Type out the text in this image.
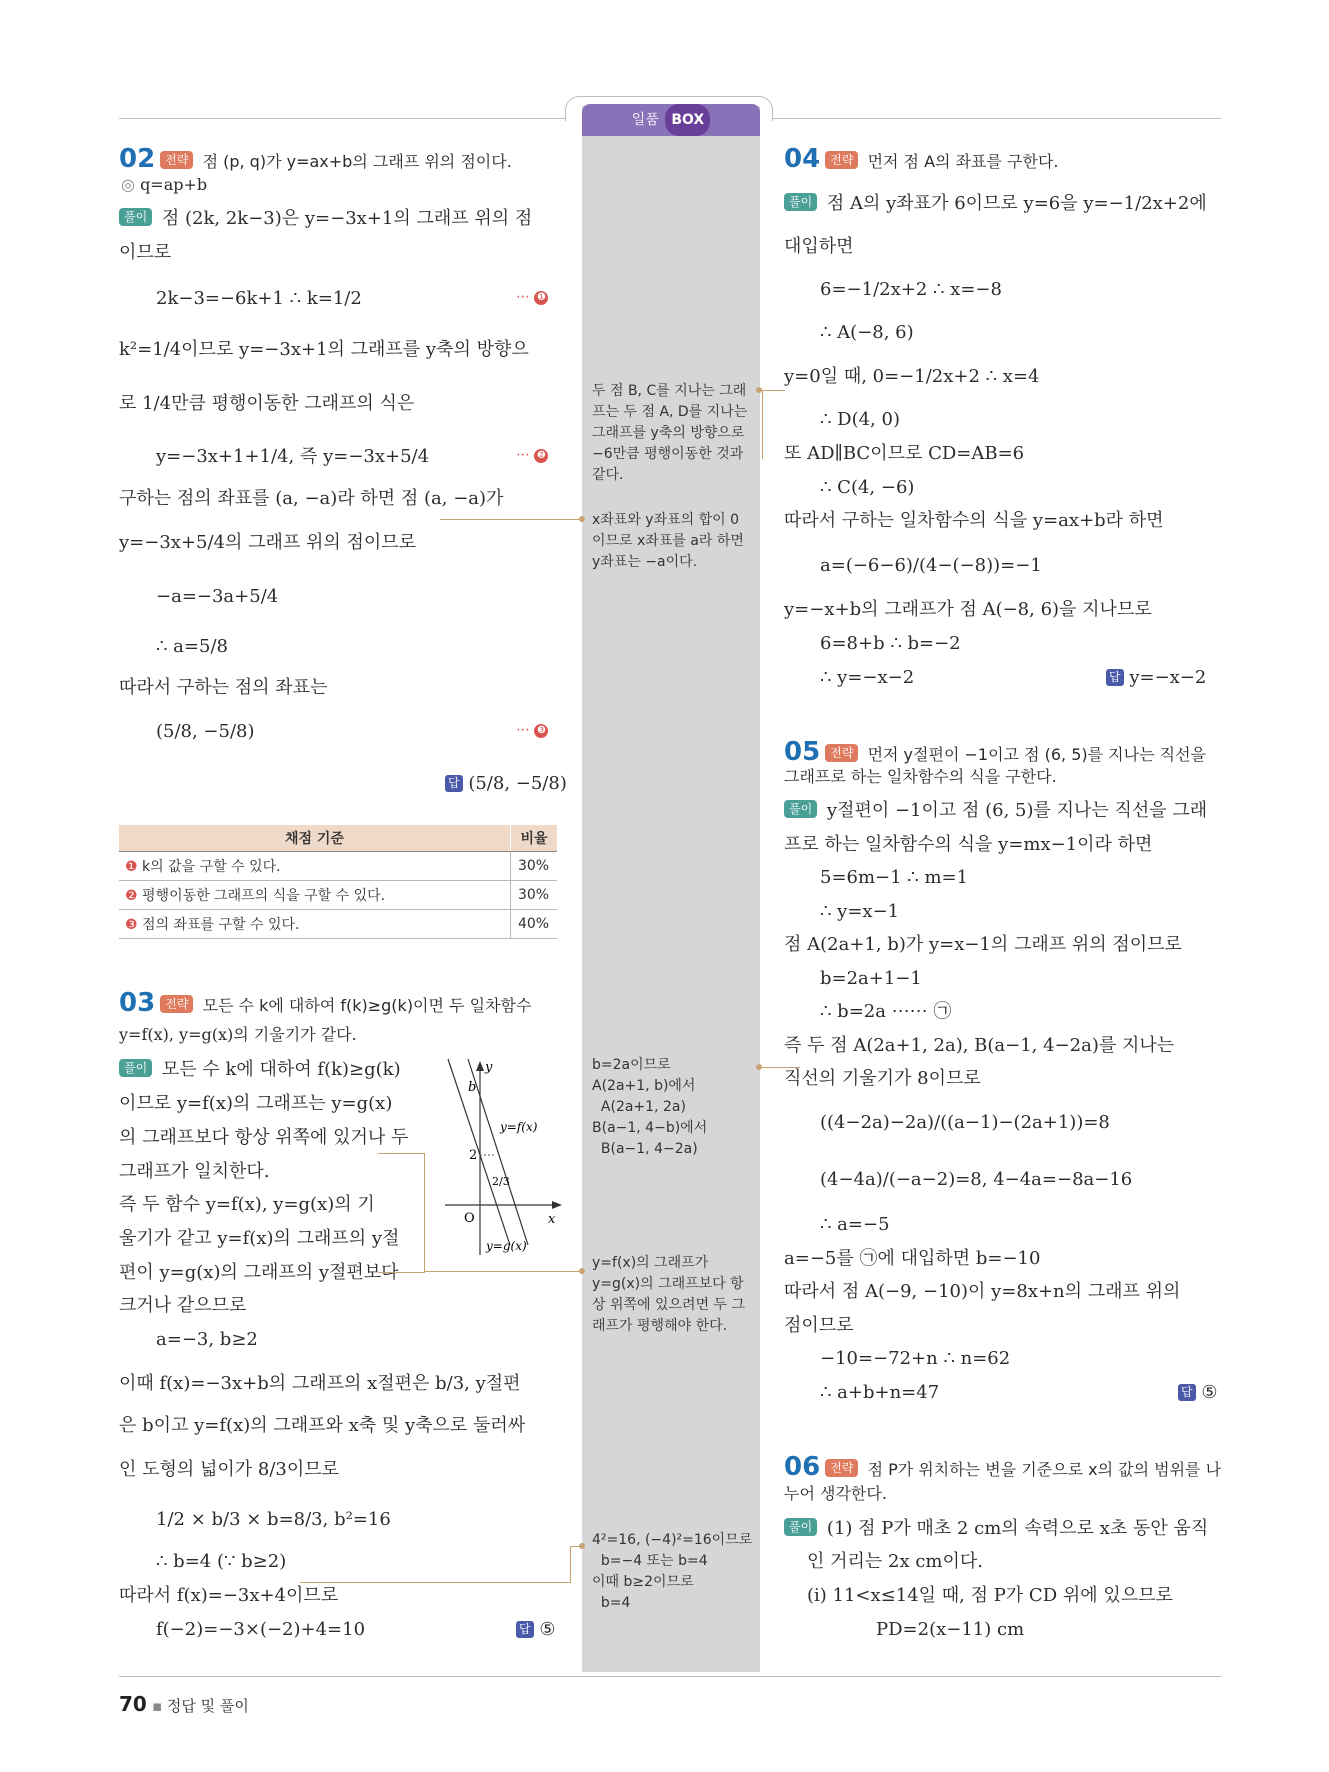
일품 BOX
02 전략 점 (p, q)가 y=ax+b의 그래프 위의 점이다.
◎ q=ap+b
풀이 점 (2k, 2k−3)은 y=−3x+1의 그래프 위의 점
이므로
2k−3=−6k+1 ∴ k=1/2	⋯ ❶
k²=1/4이므로 y=−3x+1의 그래프를 y축의 방향으
로 1/4만큼 평행이동한 그래프의 식은
y=−3x+1+1/4, 즉 y=−3x+5/4	⋯ ❷
구하는 점의 좌표를 (a, −a)라 하면 점 (a, −a)가
y=−3x+5/4의 그래프 위의 점이므로
−a=−3a+5/4
∴ a=5/8
따라서 구하는 점의 좌표는
(5/8, −5/8)	⋯ ❸
답 (5/8, −5/8)
채점 기준	비율
❶ k의 값을 구할 수 있다.	30%
❷ 평행이동한 그래프의 식을 구할 수 있다.	30%
❸ 점의 좌표를 구할 수 있다.	40%
03 전략 모든 수 k에 대하여 f(k)≥g(k)이면 두 일차함수
y=f(x), y=g(x)의 기울기가 같다.
풀이 모든 수 k에 대하여 f(k)≥g(k)
이므로 y=f(x)의 그래프는 y=g(x)
의 그래프보다 항상 위쪽에 있거나 두
그래프가 일치한다.
즉 두 함수 y=f(x), y=g(x)의 기
울기가 같고 y=f(x)의 그래프의 y절
편이 y=g(x)의 그래프의 y절편보다
크거나 같으므로
a=−3, b≥2
이때 f(x)=−3x+b의 그래프의 x절편은 b/3, y절편
은 b이고 y=f(x)의 그래프와 x축 및 y축으로 둘러싸
인 도형의 넓이가 8/3이므로
1/2 × b/3 × b=8/3, b²=16
∴ b=4 (∵ b≥2)
따라서 f(x)=−3x+4이므로
f(−2)=−3×(−2)+4=10	답 ⑤
y
x
O
b
2
2/3
y=f(x)
y=g(x)
두 점 B, C를 지나는 그래프는 두 점 A, D를 지나는 그래프를 y축의 방향으로 −6만큼 평행이동한 것과 같다.
x좌표와 y좌표의 합이 0이므로 x좌표를 a라 하면 y좌표는 −a이다.
b=2a이므로
A(2a+1, b)에서
A(2a+1, 2a)
B(a−1, 4−b)에서
B(a−1, 4−2a)
y=f(x)의 그래프가 y=g(x)의 그래프보다 항상 위쪽에 있으려면 두 그래프가 평행해야 한다.
4²=16, (−4)²=16이므로
b=−4 또는 b=4
이때 b≥2이므로
b=4
04 전략 먼저 점 A의 좌표를 구한다.
풀이 점 A의 y좌표가 6이므로 y=6을 y=−1/2x+2에
대입하면
6=−1/2x+2 ∴ x=−8
∴ A(−8, 6)
y=0일 때, 0=−1/2x+2 ∴ x=4
∴ D(4, 0)
또 AD∥BC이므로 CD=AB=6
∴ C(4, −6)
따라서 구하는 일차함수의 식을 y=ax+b라 하면
a=(−6−6)/(4−(−8))=−1
y=−x+b의 그래프가 점 A(−8, 6)을 지나므로
6=8+b ∴ b=−2
∴ y=−x−2	답 y=−x−2
05 전략 먼저 y절편이 −1이고 점 (6, 5)를 지나는 직선을
그래프로 하는 일차함수의 식을 구한다.
풀이 y절편이 −1이고 점 (6, 5)를 지나는 직선을 그래
프로 하는 일차함수의 식을 y=mx−1이라 하면
5=6m−1 ∴ m=1
∴ y=x−1
점 A(2a+1, b)가 y=x−1의 그래프 위의 점이므로
b=2a+1−1
∴ b=2a ⋯⋯ ㉠
즉 두 점 A(2a+1, 2a), B(a−1, 4−2a)를 지나는
직선의 기울기가 8이므로
((4−2a)−2a)/((a−1)−(2a+1))=8
(4−4a)/(−a−2)=8, 4−4a=−8a−16
∴ a=−5
a=−5를 ㉠에 대입하면 b=−10
따라서 점 A(−9, −10)이 y=8x+n의 그래프 위의
점이므로
−10=−72+n ∴ n=62
∴ a+b+n=47	답 ⑤
06 전략 점 P가 위치하는 변을 기준으로 x의 값의 범위를 나
누어 생각한다.
풀이 (1) 점 P가 매초 2 cm의 속력으로 x초 동안 움직
인 거리는 2x cm이다.
(i) 11<x≤14일 때, 점 P가 CD 위에 있으므로
PD=2(x−11) cm
70 ▪ 정답 및 풀이
